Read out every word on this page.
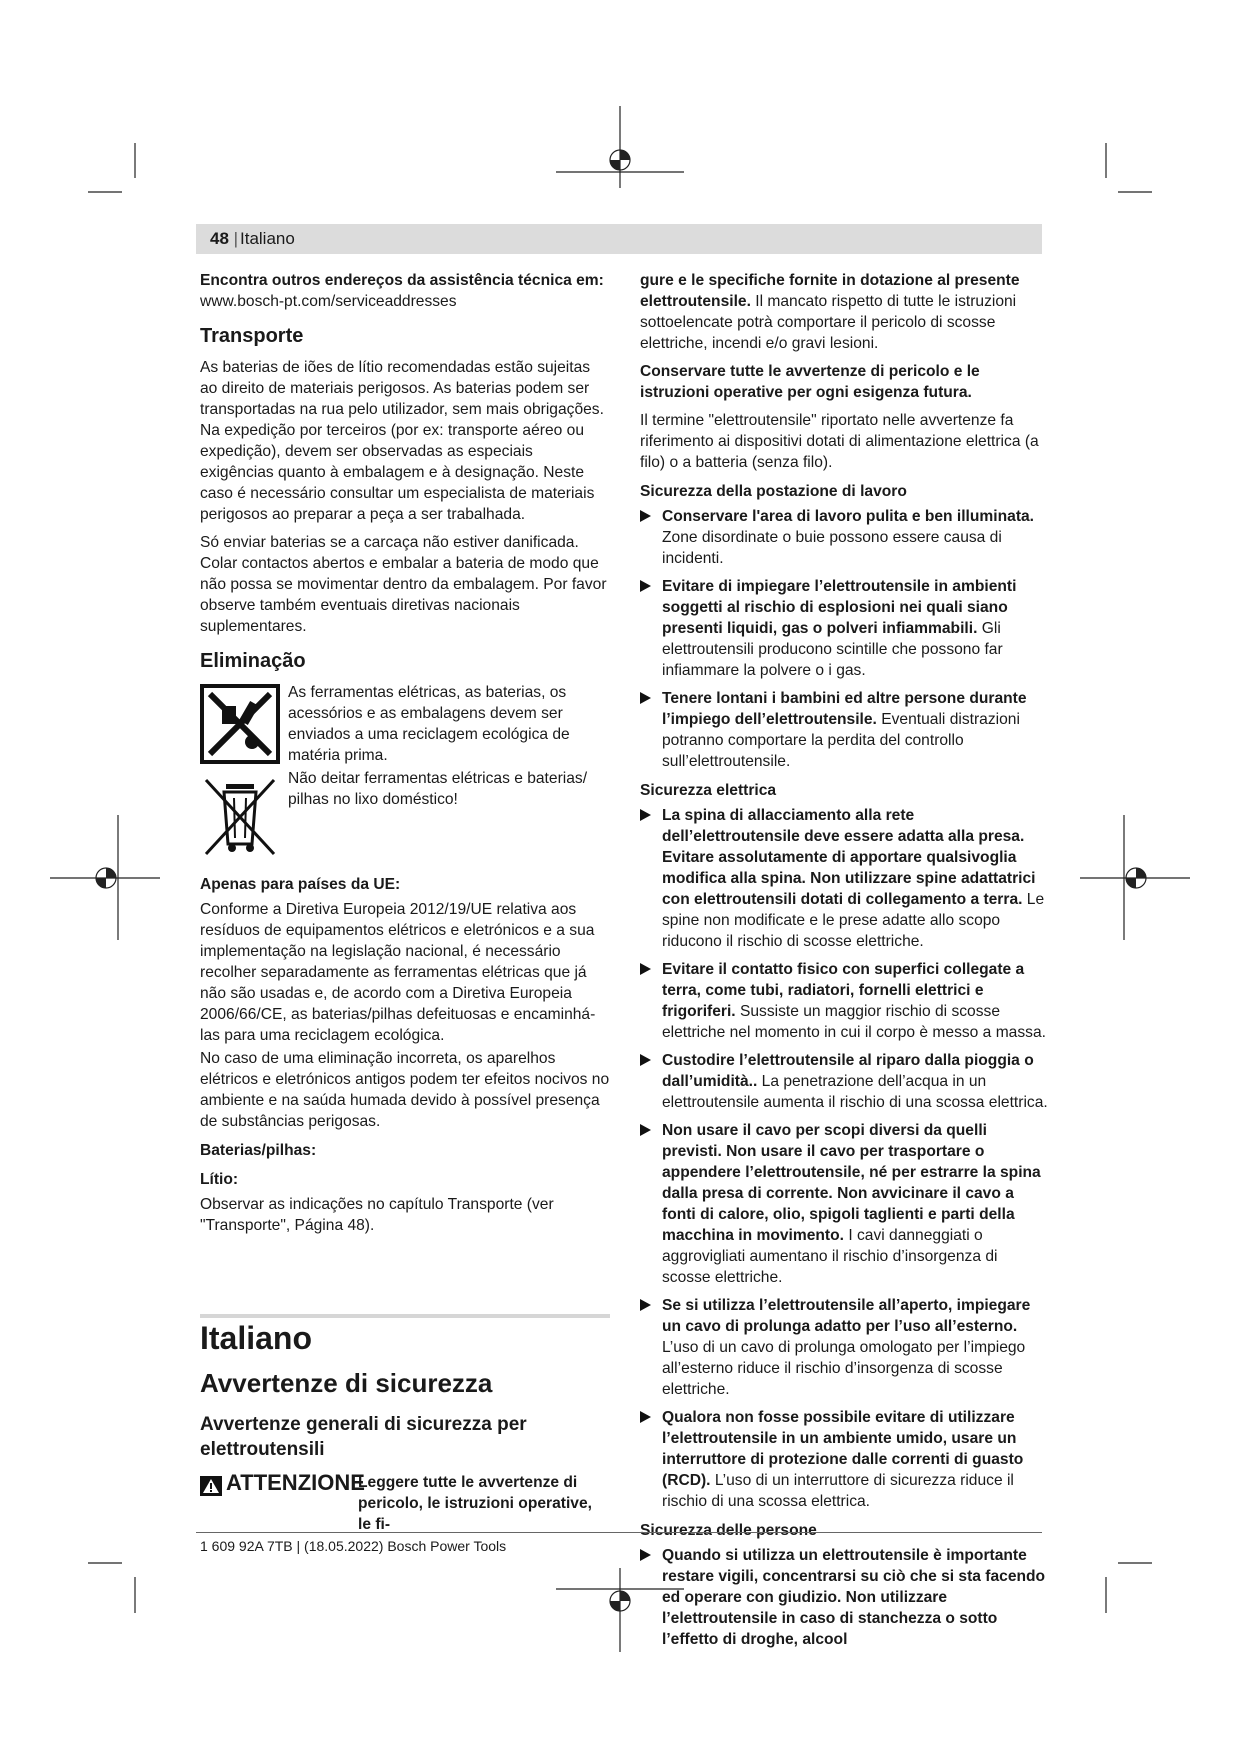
48 | Italiano

Encontra outros endereços da assistência técnica em:
www.bosch-pt.com/serviceaddresses

Transporte

As baterias de iões de lítio recomendadas estão sujeitas ao direito de materiais perigosos. As baterias podem ser transportadas na rua pelo utilizador, sem mais obrigações. Na expedição por terceiros (por ex: transporte aéreo ou expedição), devem ser observadas as especiais exigências quanto à embalagem e à designação. Neste caso é necessário consultar um especialista de materiais perigosos ao preparar a peça a ser trabalhada.

Só enviar baterias se a carcaça não estiver danificada. Colar contactos abertos e embalar a bateria de modo que não possa se movimentar dentro da embalagem. Por favor observe também eventuais diretivas nacionais suplementares.

Eliminação
As ferramentas elétricas, as baterias, os acessórios e as embalagens devem ser enviados a uma reciclagem ecológica de matéria prima.
Não deitar ferramentas elétricas e baterias/ pilhas no lixo doméstico!
Apenas para países da UE:

Conforme a Diretiva Europeia 2012/19/UE relativa aos resíduos de equipamentos elétricos e eletrónicos e a sua implementação na legislação nacional, é necessário recolher separadamente as ferramentas elétricas que já não são usadas e, de acordo com a Diretiva Europeia 2006/66/CE, as baterias/pilhas defeituosas e encaminhá-las para uma reciclagem ecológica.

No caso de uma eliminação incorreta, os aparelhos elétricos e eletrónicos antigos podem ter efeitos nocivos no ambiente e na saúda humada devido à possível presença de substâncias perigosas.

Baterias/pilhas:
Lítio:

Observar as indicações no capítulo Transporte (ver "Transporte", Página 48).

Italiano
Avvertenze di sicurezza
Avvertenze generali di sicurezza per elettroutensili
ATTENZIONE
Leggere tutte le avvertenze di pericolo, le istruzioni operative, le fi-

gure e le specifiche fornite in dotazione al presente elettroutensile. Il mancato rispetto di tutte le istruzioni sottoelencate potrà comportare il pericolo di scosse elettriche, incendi e/o gravi lesioni.

Conservare tutte le avvertenze di pericolo e le istruzioni operative per ogni esigenza futura.

Il termine "elettroutensile" riportato nelle avvertenze fa riferimento ai dispositivi dotati di alimentazione elettrica (a filo) o a batteria (senza filo).

Sicurezza della postazione di lavoro
Conservare l'area di lavoro pulita e ben illuminata. Zone disordinate o buie possono essere causa di incidenti.
Evitare di impiegare l’elettroutensile in ambienti soggetti al rischio di esplosioni nei quali siano presenti liquidi, gas o polveri infiammabili. Gli elettroutensili producono scintille che possono far infiammare la polvere o i gas.
Tenere lontani i bambini ed altre persone durante l’impiego dell’elettroutensile. Eventuali distrazioni potranno comportare la perdita del controllo sull’elettroutensile.
Sicurezza elettrica
La spina di allacciamento alla rete dell’elettroutensile deve essere adatta alla presa. Evitare assolutamente di apportare qualsivoglia modifica alla spina. Non utilizzare spine adattatrici con elettroutensili dotati di collegamento a terra. Le spine non modificate e le prese adatte allo scopo riducono il rischio di scosse elettriche.
Evitare il contatto fisico con superfici collegate a terra, come tubi, radiatori, fornelli elettrici e frigoriferi. Sussiste un maggior rischio di scosse elettriche nel momento in cui il corpo è messo a massa.
Custodire l’elettroutensile al riparo dalla pioggia o dall’umidità.. La penetrazione dell’acqua in un elettroutensile aumenta il rischio di una scossa elettrica.
Non usare il cavo per scopi diversi da quelli previsti. Non usare il cavo per trasportare o appendere l’elettroutensile, né per estrarre la spina dalla presa di corrente. Non avvicinare il cavo a fonti di calore, olio, spigoli taglienti e parti della macchina in movimento. I cavi danneggiati o aggrovigliati aumentano il rischio d’insorgenza di scosse elettriche.
Se si utilizza l’elettroutensile all’aperto, impiegare un cavo di prolunga adatto per l’uso all’esterno. L’uso di un cavo di prolunga omologato per l’impiego all’esterno riduce il rischio d’insorgenza di scosse elettriche.
Qualora non fosse possibile evitare di utilizzare l’elettroutensile in un ambiente umido, usare un interruttore di protezione dalle correnti di guasto (RCD). L’uso di un interruttore di sicurezza riduce il rischio di una scossa elettrica.
Sicurezza delle persone
Quando si utilizza un elettroutensile è importante restare vigili, concentrarsi su ciò che si sta facendo ed operare con giudizio. Non utilizzare l’elettroutensile in caso di stanchezza o sotto l’effetto di droghe, alcool
1 609 92A 7TB | (18.05.2022) Bosch Power Tools
